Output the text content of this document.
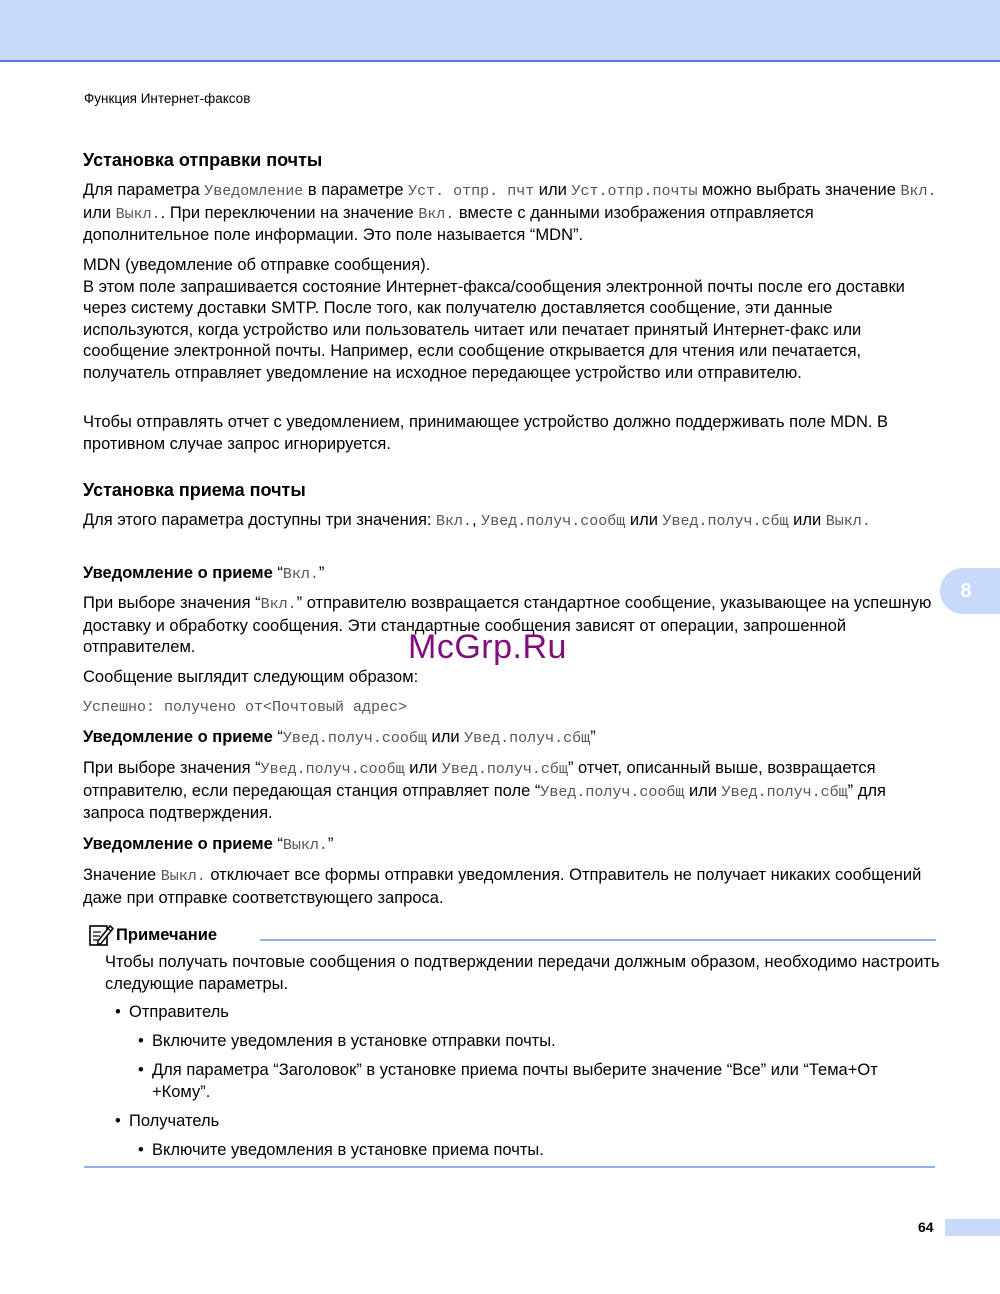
Функция Интернет-факсов
8
Установка отправки почты
Для параметра Уведомление в параметре Уст. отпр. пчт или Уст.отпр.почты можно выбрать значение Вкл. или Выкл.. При переключении на значение Вкл. вместе с данными изображения отправляется дополнительное поле информации. Это поле называется “MDN”.
MDN (уведомление об отправке сообщения).
В этом поле запрашивается состояние Интернет-факса/сообщения электронной почты после его доставки через систему доставки SMTP. После того, как получателю доставляется сообщение, эти данные используются, когда устройство или пользователь читает или печатает принятый Интернет-факс или сообщение электронной почты. Например, если сообщение открывается для чтения или печатается, получатель отправляет уведомление на исходное передающее устройство или отправителю.
Чтобы отправлять отчет с уведомлением, принимающее устройство должно поддерживать поле MDN. В противном случае запрос игнорируется.
Установка приема почты
Для этого параметра доступны три значения: Вкл., Увед.получ.сообщ или Увед.получ.сбщ или Выкл.
Уведомление о приеме “Вкл.”
При выборе значения “Вкл.” отправителю возвращается стандартное сообщение, указывающее на успешную доставку и обработку сообщения. Эти стандартные сообщения зависят от операции, запрошенной отправителем.
Сообщение выглядит следующим образом:
Успешно: получено от<Почтовый адрес>
Уведомление о приеме “Увед.получ.сообщ или Увед.получ.сбщ”
При выборе значения “Увед.получ.сообщ или Увед.получ.сбщ” отчет, описанный выше, возвращается отправителю, если передающая станция отправляет поле “Увед.получ.сообщ или Увед.получ.сбщ” для запроса подтверждения.
Уведомление о приеме “Выкл.”
Значение Выкл. отключает все формы отправки уведомления. Отправитель не получает никаких сообщений даже при отправке соответствующего запроса.
McGrp.Ru
Примечание
Чтобы получать почтовые сообщения о подтверждении передачи должным образом, необходимо настроить следующие параметры.
• Отправитель
• Включите уведомления в установке отправки почты.
• Для параметра “Заголовок” в установке приема почты выберите значение “Все” или “Тема+От
+Кому”.
• Получатель
• Включите уведомления в установке приема почты.
64
